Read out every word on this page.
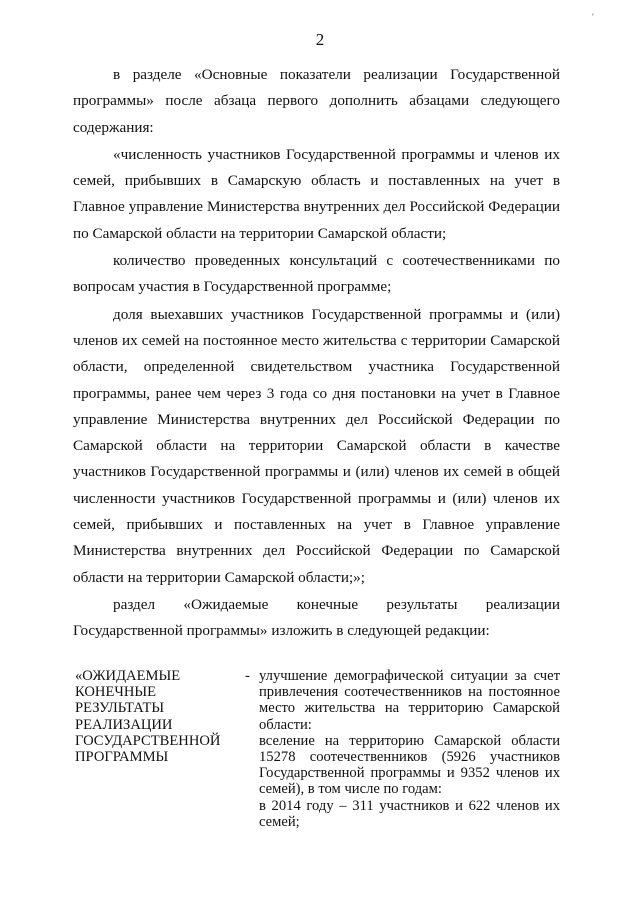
′
2

в разделе «Основные показатели реализации Государственной программы» после абзаца первого дополнить абзацами следующего содержания:

«численность участников Государственной программы и членов их семей, прибывших в Самарскую область и поставленных на учет в Главное управление Министерства внутренних дел Российской Федерации по Самарской области на территории Самарской области;

количество проведенных консультаций с соотечественниками по вопросам участия в Государственной программе;

доля выехавших участников Государственной программы и (или) членов их семей на постоянное место жительства с территории Самарской области, определенной свидетельством участника Государственной программы, ранее чем через 3 года со дня постановки на учет в Главное управление Министерства внутренних дел Российской Федерации по Самарской области на территории Самарской области в качестве участников Государственной программы и (или) членов их семей в общей численности участников Государственной программы и (или) членов их семей, прибывших и поставленных на учет в Главное управление Министерства внутренних дел Российской Федерации по Самарской области на территории Самарской области;»;

раздел «Ожидаемые конечные результаты реализации Государственной программы» изложить в следующей редакции:

«ОЖИДАЕМЫЕ
КОНЕЧНЫЕ
РЕЗУЛЬТАТЫ
РЕАЛИЗАЦИИ
ГОСУДАРСТВЕННОЙ
ПРОГРАММЫ
- улучшение демографической ситуации за счет привлечения соотечественников на постоянное место жительства на территорию Самарской области:
вселение на территорию Самарской области 15278 соотечественников (5926 участников Государственной программы и 9352 членов их семей), в том числе по годам:
в 2014 году – 311 участников и 622 членов их семей;
